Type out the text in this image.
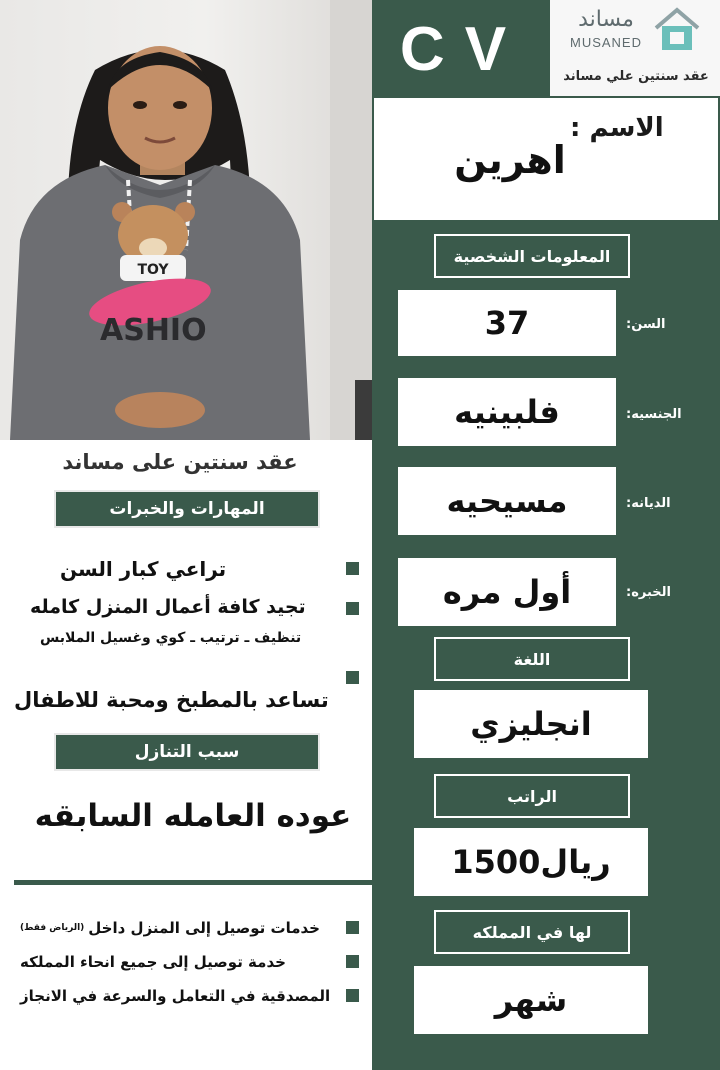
TOY
ASHIO
CV	مساند
MUSANED
عقد سنتين علي مساند
الاسم :
اهرين
المعلومات الشخصية
37	السن:
فلبينيه	الجنسيه:
مسيحيه	الديانه:
أول مره	الخبره:
اللغة
انجليزي
الراتب
1500ريال
لها في المملكه
شهر
عقد سنتين على مساند
المهارات والخبرات
تراعي كبار السن
تجيد كافة أعمال المنزل كامله
تنظيف ـ ترتيب ـ كوي وغسيل الملابس
تساعد بالمطبخ ومحبة للاطفال
سبب التنازل
عوده العامله السابقه
خدمات توصيل إلى المنزل داخل
(الرياض فقط)
خدمة توصيل إلى جميع انحاء المملكه
المصدقية في التعامل والسرعة في الانجاز
